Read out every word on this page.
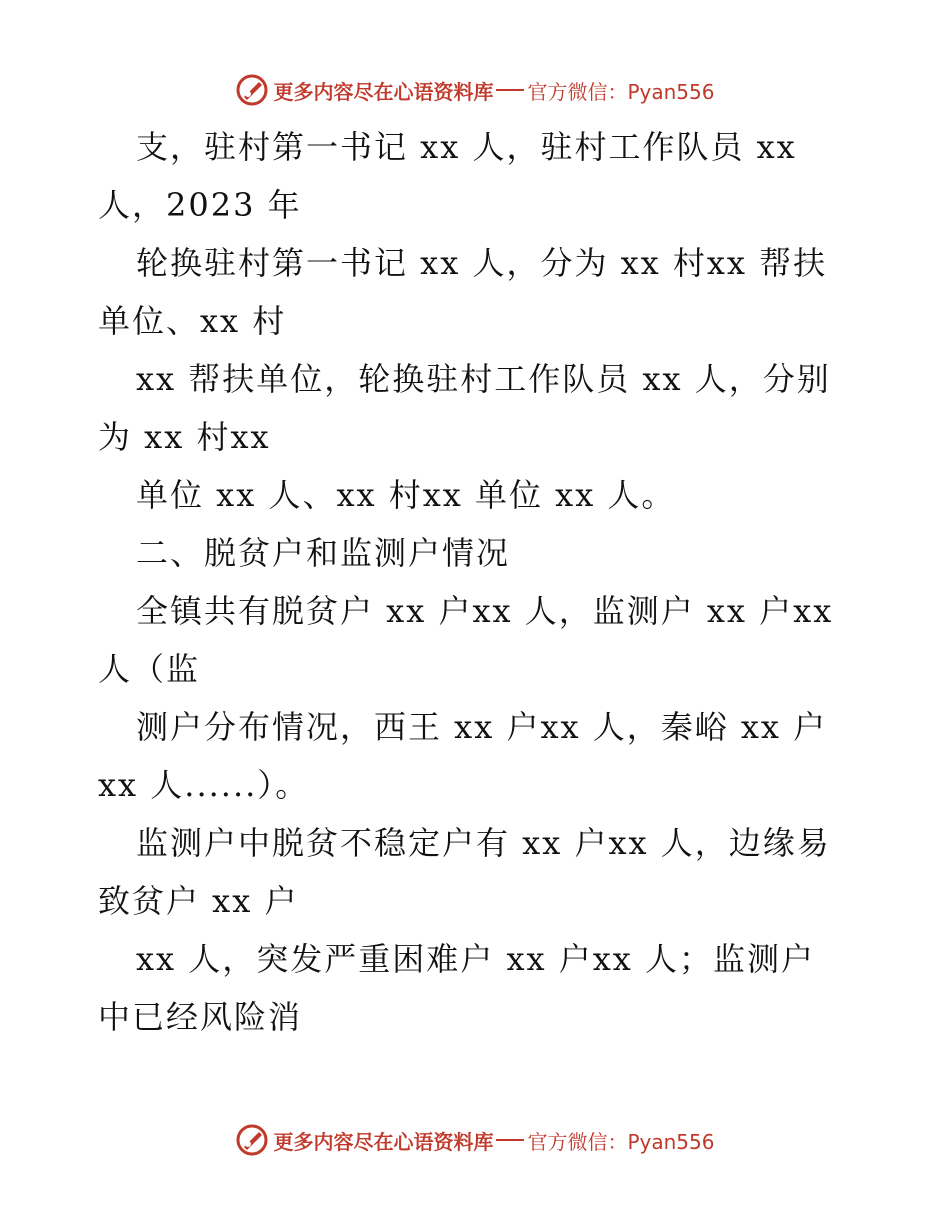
更多内容尽在心语资料库 官方微信：Pyan556
支，驻村第一书记 xx 人，驻村工作队员 xx
人，2023 年
轮换驻村第一书记 xx 人，分为 xx 村xx 帮扶
单位、xx 村
xx 帮扶单位，轮换驻村工作队员 xx 人，分别
为 xx 村xx
单位 xx 人、xx 村xx 单位 xx 人。
二、脱贫户和监测户情况
全镇共有脱贫户 xx 户xx 人，监测户 xx 户xx
人（监
测户分布情况，西王 xx 户xx 人，秦峪 xx 户
xx 人......）。
监测户中脱贫不稳定户有 xx 户xx 人，边缘易
致贫户 xx 户
xx 人，突发严重困难户 xx 户xx 人；监测户
中已经风险消
更多内容尽在心语资料库 官方微信：Pyan556
